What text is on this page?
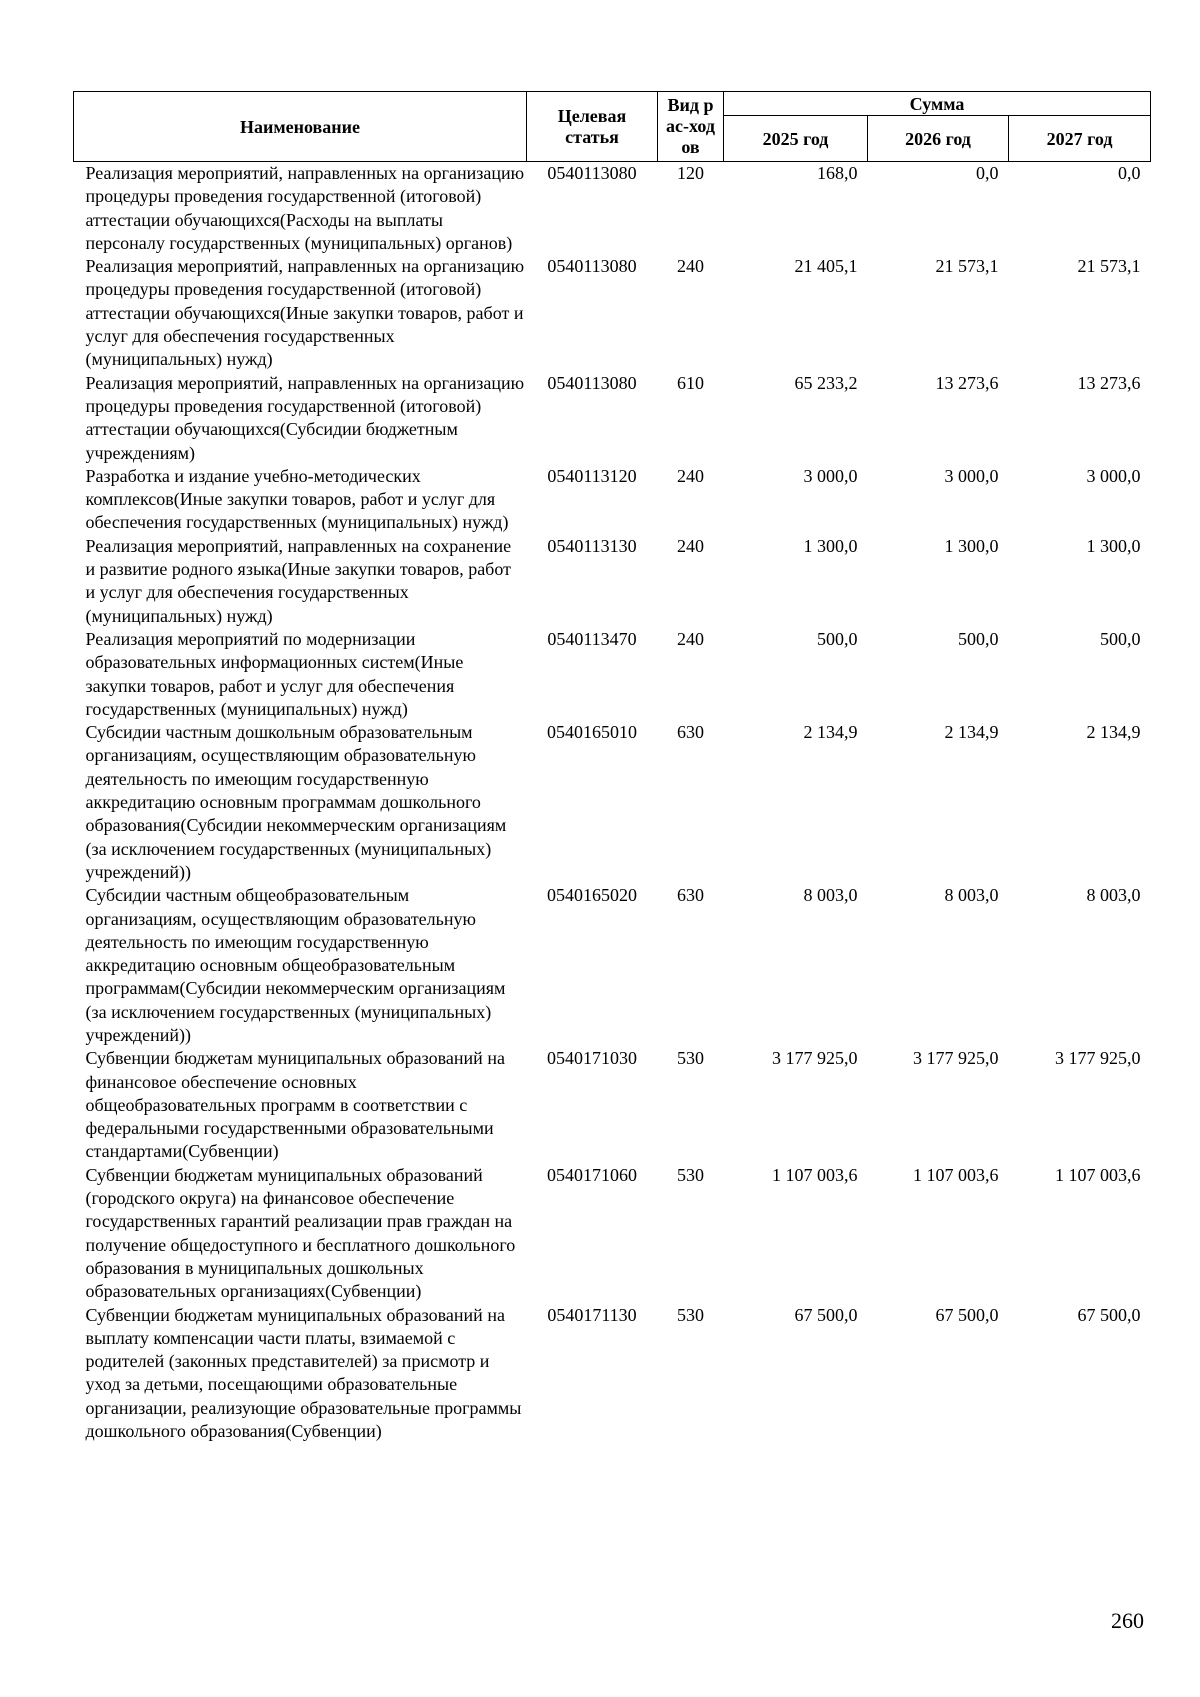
Наименование	Целевая статья	Вид рас-ходов	Сумма		
			2025 год	2026 год	2027 год
Реализация мероприятий, направленных на организацию процедуры проведения государственной (итоговой) аттестации обучающихся(Расходы на выплаты персоналу государственных (муниципальных) органов)	0540113080	120	168,0	0,0	0,0
Реализация мероприятий, направленных на организацию процедуры проведения государственной (итоговой) аттестации обучающихся(Иные закупки товаров, работ и услуг для обеспечения государственных (муниципальных) нужд)	0540113080	240	21 405,1	21 573,1	21 573,1
Реализация мероприятий, направленных на организацию процедуры проведения государственной (итоговой) аттестации обучающихся(Субсидии бюджетным учреждениям)	0540113080	610	65 233,2	13 273,6	13 273,6
Разработка и издание учебно-методических комплексов(Иные закупки товаров, работ и услуг для обеспечения государственных (муниципальных) нужд)	0540113120	240	3 000,0	3 000,0	3 000,0
Реализация мероприятий, направленных на сохранение и развитие родного языка(Иные закупки товаров, работ и услуг для обеспечения государственных (муниципальных) нужд)	0540113130	240	1 300,0	1 300,0	1 300,0
Реализация мероприятий по модернизации образовательных информационных систем(Иные закупки товаров, работ и услуг для обеспечения государственных (муниципальных) нужд)	0540113470	240	500,0	500,0	500,0
Субсидии частным дошкольным образовательным организациям, осуществляющим образовательную деятельность по имеющим государственную аккредитацию основным программам дошкольного образования(Субсидии некоммерческим организациям (за исключением государственных (муниципальных) учреждений))	0540165010	630	2 134,9	2 134,9	2 134,9
Субсидии частным общеобразовательным организациям, осуществляющим образовательную деятельность по имеющим государственную аккредитацию основным общеобразовательным программам(Субсидии некоммерческим организациям (за исключением государственных (муниципальных) учреждений))	0540165020	630	8 003,0	8 003,0	8 003,0
Субвенции бюджетам муниципальных образований на финансовое обеспечение основных общеобразовательных программ в соответствии с федеральными государственными образовательными стандартами(Субвенции)	0540171030	530	3 177 925,0	3 177 925,0	3 177 925,0
Субвенции бюджетам муниципальных образований (городского округа) на финансовое обеспечение государственных гарантий реализации прав граждан на получение общедоступного и бесплатного дошкольного образования в муниципальных дошкольных образовательных организациях(Субвенции)	0540171060	530	1 107 003,6	1 107 003,6	1 107 003,6
Субвенции бюджетам муниципальных образований на выплату компенсации части платы, взимаемой с родителей (законных представителей) за присмотр и уход за детьми, посещающими образовательные организации, реализующие образовательные программы дошкольного образования(Субвенции)	0540171130	530	67 500,0	67 500,0	67 500,0
260
